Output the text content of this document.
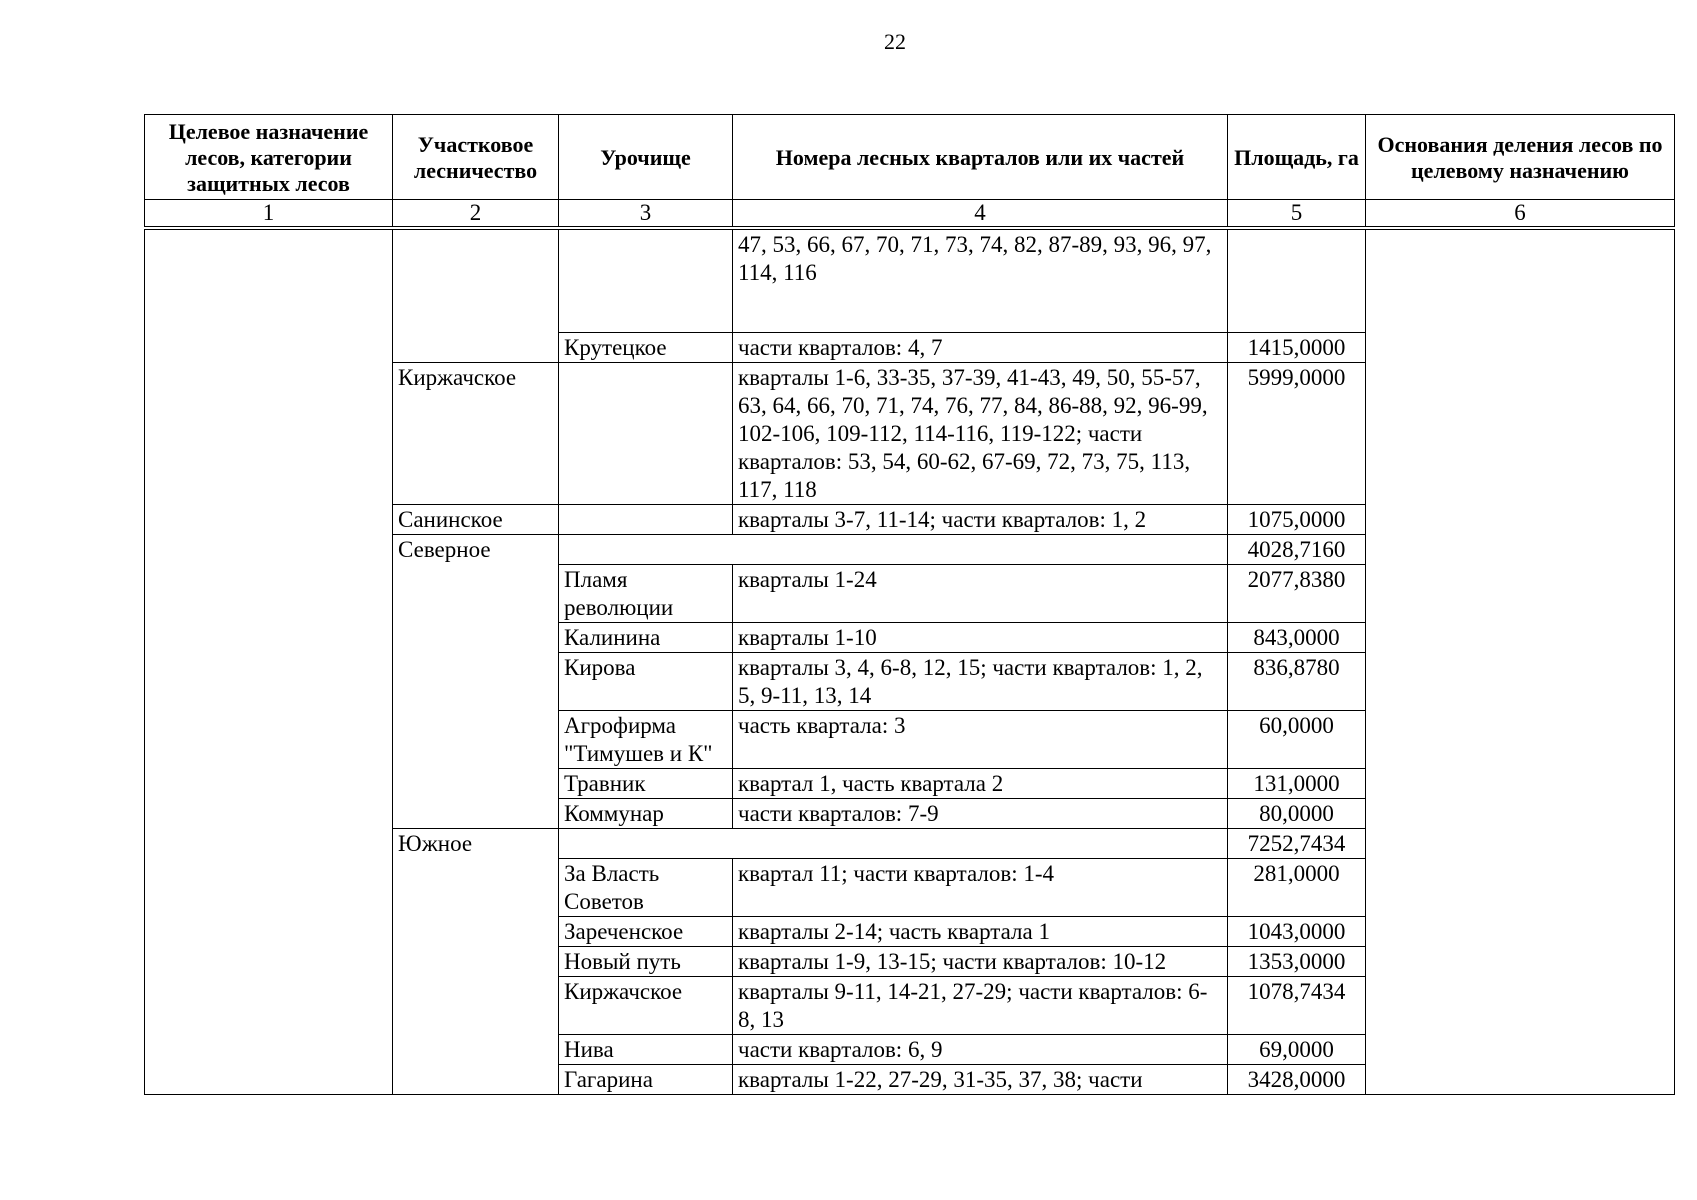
22
Целевое назначение лесов, категории защитных лесов	Участковое лесничество	Урочище	Номера лесных кварталов или их частей	Площадь, га	Основания деления лесов по целевому назначению
1	2	3	4	5	6
			47, 53, 66, 67, 70, 71, 73, 74, 82, 87-89, 93, 96, 97, 114, 116		
		Крутецкое	части кварталов: 4, 7	1415,0000	
	Киржачское		кварталы 1-6, 33-35, 37-39, 41-43, 49, 50, 55-57, 63, 64, 66, 70, 71, 74, 76, 77, 84, 86-88, 92, 96-99, 102-106, 109-112, 114-116, 119-122; части кварталов: 53, 54, 60-62, 67-69, 72, 73, 75, 113, 117, 118	5999,0000	
	Санинское		кварталы 3-7, 11-14; части кварталов: 1, 2	1075,0000	
	Северное			4028,7160	
		Пламя революции	кварталы 1-24	2077,8380	
		Калинина	кварталы 1-10	843,0000	
		Кирова	кварталы 3, 4, 6-8, 12, 15; части кварталов: 1, 2, 5, 9-11, 13, 14	836,8780	
		Агрофирма "Тимушев и К"	часть квартала: 3	60,0000	
		Травник	квартал 1, часть квартала 2	131,0000	
		Коммунар	части кварталов: 7-9	80,0000	
	Южное			7252,7434	
		За Власть Советов	квартал 11; части кварталов: 1-4	281,0000	
		Зареченское	кварталы 2-14; часть квартала 1	1043,0000	
		Новый путь	кварталы 1-9, 13-15; части кварталов: 10-12	1353,0000	
		Киржачское	кварталы 9-11, 14-21, 27-29; части кварталов: 6-8, 13	1078,7434	
		Нива	части кварталов: 6, 9	69,0000	
		Гагарина	кварталы 1-22, 27-29, 31-35, 37, 38; части	3428,0000	
